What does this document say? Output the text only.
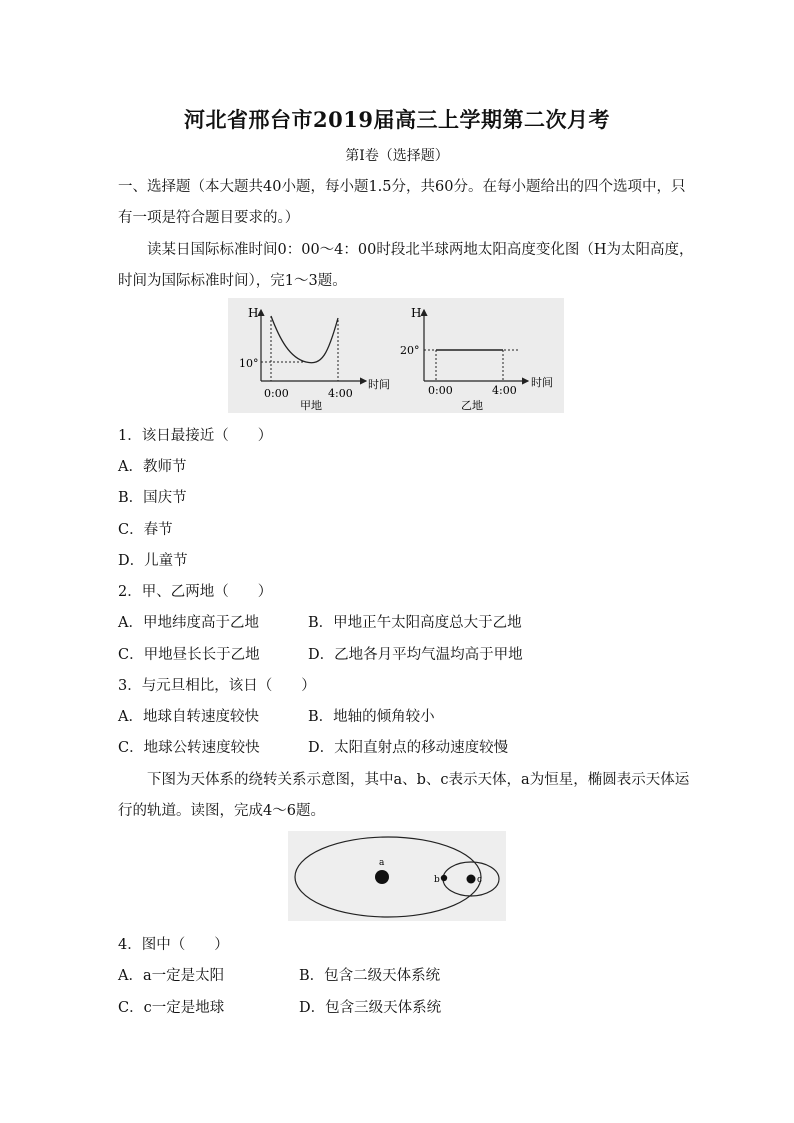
河北省邢台市2019届高三上学期第二次月考
第I卷（选择题）
一、选择题（本大题共40小题，每小题1.5分，共60分。在每小题给出的四个选项中，只
有一项是符合题目要求的。）
读某日国际标准时间0：00～4：00时段北半球两地太阳高度变化图（H为太阳高度，
时间为国际标准时间），完1～3题。
H
时间
10°
0:00	4:00
甲地
H
时间
20°
0:00	4:00
乙地
1．该日最接近（　　）
A．教师节
B．国庆节
C．春节
D．儿童节
2．甲、乙两地（　　）
A．甲地纬度高于乙地	B．甲地正午太阳高度总大于乙地
C．甲地昼长长于乙地	D．乙地各月平均气温均高于甲地
3．与元旦相比，该日（　　）
A．地球自转速度较快	B．地轴的倾角较小
C．地球公转速度较快	D．太阳直射点的移动速度较慢
下图为天体系的绕转关系示意图，其中a、b、c表示天体，a为恒星，椭圆表示天体运
行的轨道。读图，完成4～6题。
a
b	c
4．图中（　　）
A．a一定是太阳	B．包含二级天体系统
C．c一定是地球	D．包含三级天体系统
